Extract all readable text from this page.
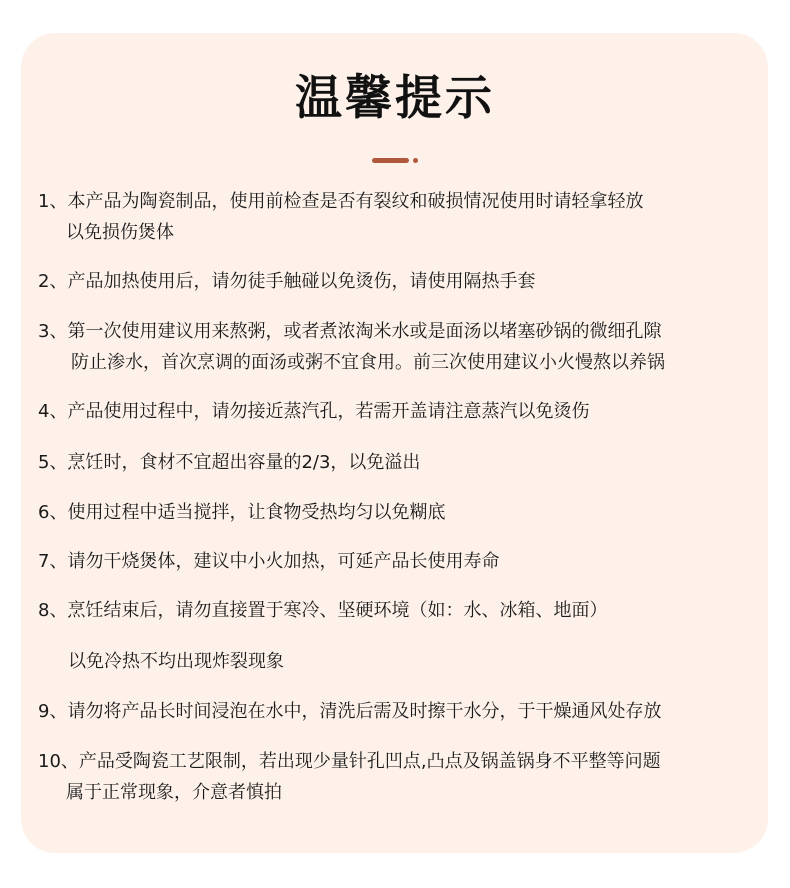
温馨提示
1、本产品为陶瓷制品，使用前检查是否有裂纹和破损情况使用时请轻拿轻放
以免损伤煲体
2、产品加热使用后，请勿徒手触碰以免烫伤，请使用隔热手套
3、第一次使用建议用来熬粥，或者煮浓淘米水或是面汤以堵塞砂锅的微细孔隙
防止渗水，首次烹调的面汤或粥不宜食用。前三次使用建议小火慢熬以养锅
4、产品使用过程中，请勿接近蒸汽孔，若需开盖请注意蒸汽以免烫伤
5、烹饪时，食材不宜超出容量的2/3，以免溢出
6、使用过程中适当搅拌，让食物受热均匀以免糊底
7、请勿干烧煲体，建议中小火加热，可延产品长使用寿命
8、烹饪结束后，请勿直接置于寒冷、坚硬环境（如：水、冰箱、地面）
以免冷热不均出现炸裂现象
9、请勿将产品长时间浸泡在水中，清洗后需及时擦干水分，于干燥通风处存放
10、产品受陶瓷工艺限制，若出现少量针孔凹点,凸点及锅盖锅身不平整等问题
属于正常现象，介意者慎拍
